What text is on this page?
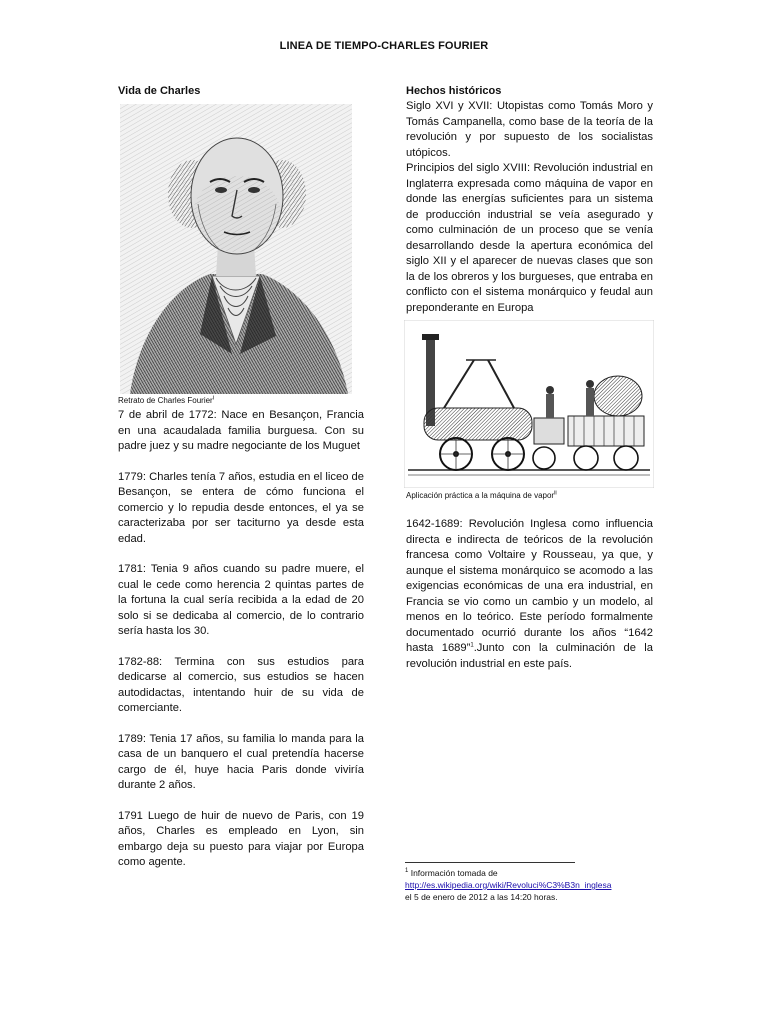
LINEA DE TIEMPO-CHARLES FOURIER
Vida de Charles
Retrato de Charles Fourier$^i$

7 de abril de 1772: Nace en Besançon, Francia en una acaudalada familia burguesa. Con su padre juez y su madre negociante de los Muguet

1779: Charles tenía 7 años, estudia en el liceo de Besançon, se entera de cómo funciona el comercio y lo repudia desde entonces, el ya se caracterizaba por ser taciturno ya desde esta edad.

1781: Tenia 9 años cuando su padre muere, el cual le cede como herencia 2 quintas partes de la fortuna la cual sería recibida a la edad de 20 solo si se dedicaba al comercio, de lo contrario sería hasta los 30.

1782-88: Termina con sus estudios para dedicarse al comercio, sus estudios se hacen autodidactas, intentando huir de su vida de comerciante.

1789: Tenia 17 años, su familia lo manda para la casa de un banquero el cual pretendía hacerse cargo de él, huye hacia Paris donde viviría durante 2 años.

1791 Luego de huir de nuevo de Paris, con 19 años, Charles es empleado en Lyon, sin embargo deja su puesto para viajar por Europa como agente.

Hechos históricos

Siglo XVI y XVII: Utopistas como Tomás Moro y Tomás Campanella, como base de la teoría de la revolución y por supuesto de los socialistas utópicos.

Principios del siglo XVIII: Revolución industrial en Inglaterra expresada como máquina de vapor en donde las energías suficientes para un sistema de producción industrial se veía asegurado y como culminación de un proceso que se venía desarrollando desde la apertura económica del siglo XII y el aparecer de nuevas clases que son la de los obreros y los burgueses, que entraba en conflicto con el sistema monárquico y feudal aun preponderante en Europa

Aplicación práctica a la máquina de vapor$^{ii}$

1642-1689: Revolución Inglesa como influencia directa e indirecta de teóricos de la revolución francesa como Voltaire y Rousseau, ya que, y aunque el sistema monárquico se acomodo a las exigencias económicas de una era industrial, en Francia se vio como un cambio y un modelo, al menos en lo teórico. Este período formalmente documentado ocurrió durante los años “1642 hasta 1689”$^1$.Junto con la culminación de la revolución industrial en este país.

$^1$ Información tomada de
http://es.wikipedia.org/wiki/Revoluci%C3%B3n_inglesa
el 5 de enero de 2012 a las 14:20 horas.
